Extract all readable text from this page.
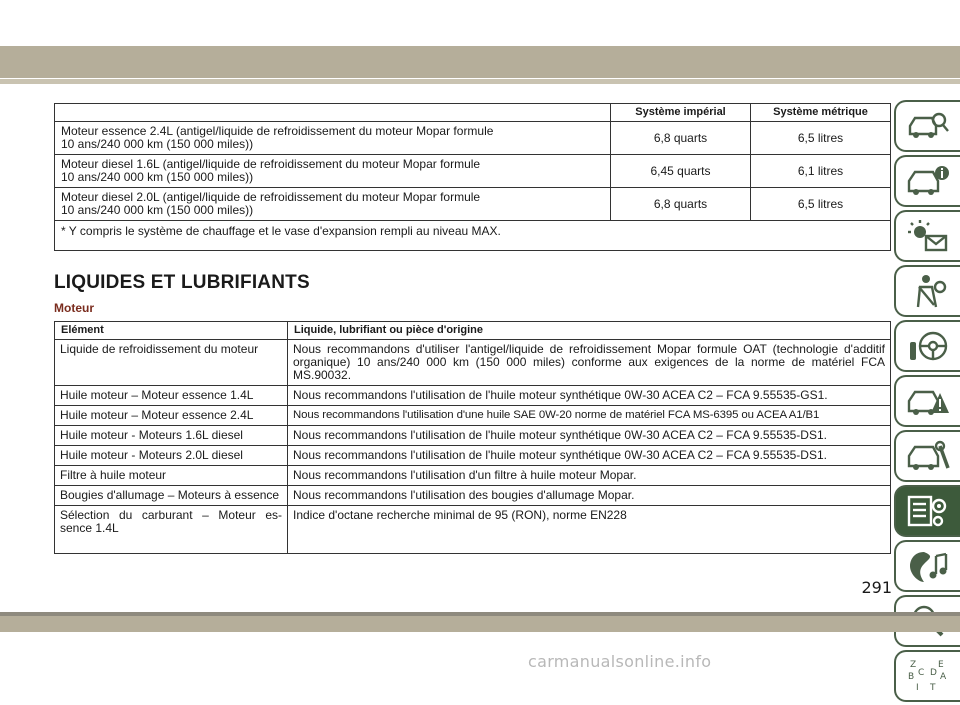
	Système impérial	Système métrique

Moteur essence 2.4L (antigel/liquide de refroidissement du moteur Mopar formule
10 ans/240 000 km (150 000 miles))	6,8 quarts	6,5 litres

Moteur diesel 1.6L (antigel/liquide de refroidissement du moteur Mopar formule
10 ans/240 000 km (150 000 miles))	6,45 quarts	6,1 litres

Moteur diesel 2.0L (antigel/liquide de refroidissement du moteur Mopar formule
10 ans/240 000 km (150 000 miles))	6,8 quarts	6,5 litres
* Y compris le système de chauffage et le vase d'expansion rempli au niveau MAX.		
LIQUIDES ET LUBRIFIANTS
Moteur
Elément	Liquide, lubrifiant ou pièce d'origine
Liquide de refroidissement du moteur	Nous recommandons d'utiliser l'antigel/liquide de refroidissement Mopar formule OAT (technologie d'additif organique) 10 ans/240 000 km (150 000 miles) conforme aux exigences de la norme de matériel FCA MS.90032.
Huile moteur – Moteur essence 1.4L	Nous recommandons l'utilisation de l'huile moteur synthétique 0W-30 ACEA C2 – FCA 9.55535-GS1.
Huile moteur – Moteur essence 2.4L	Nous recommandons l'utilisation d'une huile SAE 0W-20 norme de matériel FCA MS-6395 ou ACEA A1/B1
Huile moteur - Moteurs 1.6L diesel	Nous recommandons l'utilisation de l'huile moteur synthétique 0W-30 ACEA C2 – FCA 9.55535-DS1.
Huile moteur - Moteurs 2.0L diesel	Nous recommandons l'utilisation de l'huile moteur synthétique 0W-30 ACEA C2 – FCA 9.55535-DS1.
Filtre à huile moteur	Nous recommandons l'utilisation d'un filtre à huile moteur Mopar.
Bougies d'allumage – Moteurs à essence	Nous recommandons l'utilisation des bougies d'allumage Mopar.
Sélection du carburant – Moteur es-sence 1.4L	Indice d'octane recherche minimal de 95 (RON), norme EN228
Z E
B	A
C D
I T
291
carmanualsonline.info
